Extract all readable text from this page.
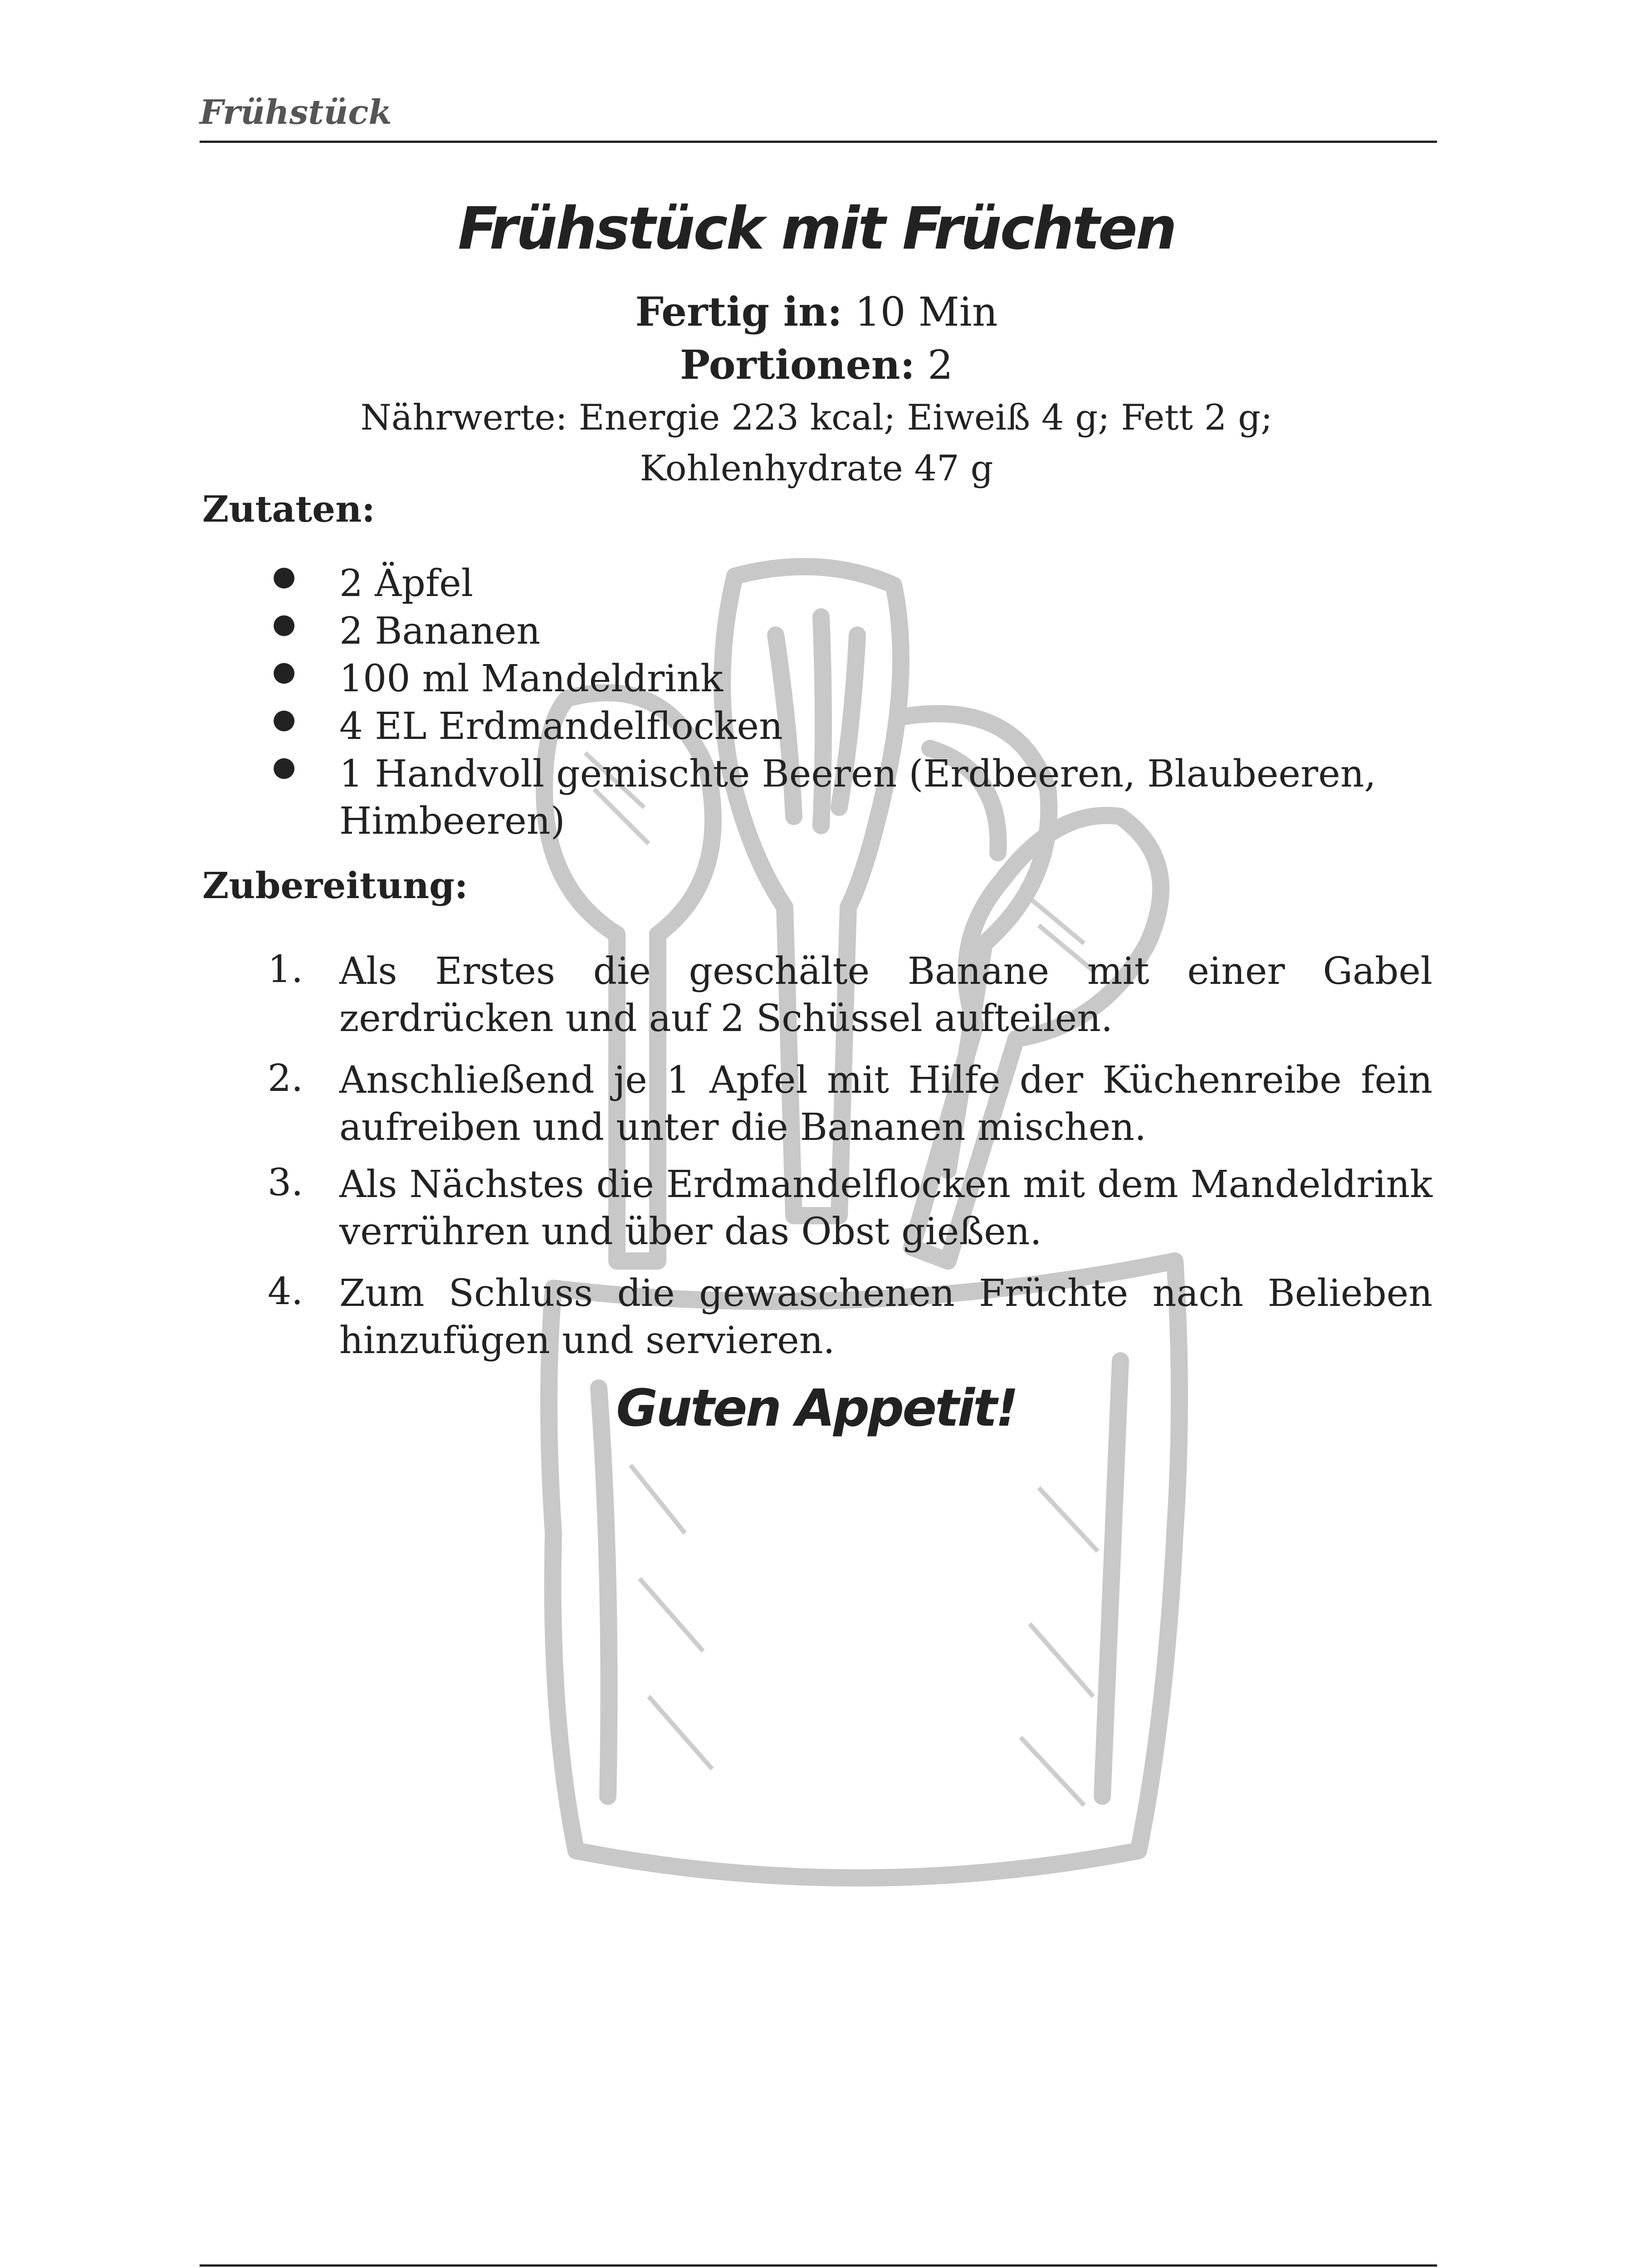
Frühstück
Frühstück mit Früchten
Fertig in: 10 Min
Portionen: 2
Nährwerte: Energie 223 kcal; Eiweiß 4 g; Fett 2 g;
Kohlenhydrate 47 g
Zutaten:
● 2 Äpfel
● 2 Bananen
● 100 ml Mandeldrink
● 4 EL Erdmandelflocken
● 1 Handvoll gemischte Beeren (Erdbeeren, Blaubeeren, Himbeeren)
Zubereitung:
1. Als Erstes die geschälte Banane mit einer Gabel zerdrücken und auf 2 Schüssel aufteilen.
2. Anschließend je 1 Apfel mit Hilfe der Küchenreibe fein aufreiben und unter die Bananen mischen.
3. Als Nächstes die Erdmandelflocken mit dem Mandeldrink verrühren und über das Obst gießen.
4. Zum Schluss die gewaschenen Früchte nach Belieben hinzufügen und servieren.
Guten Appetit!
